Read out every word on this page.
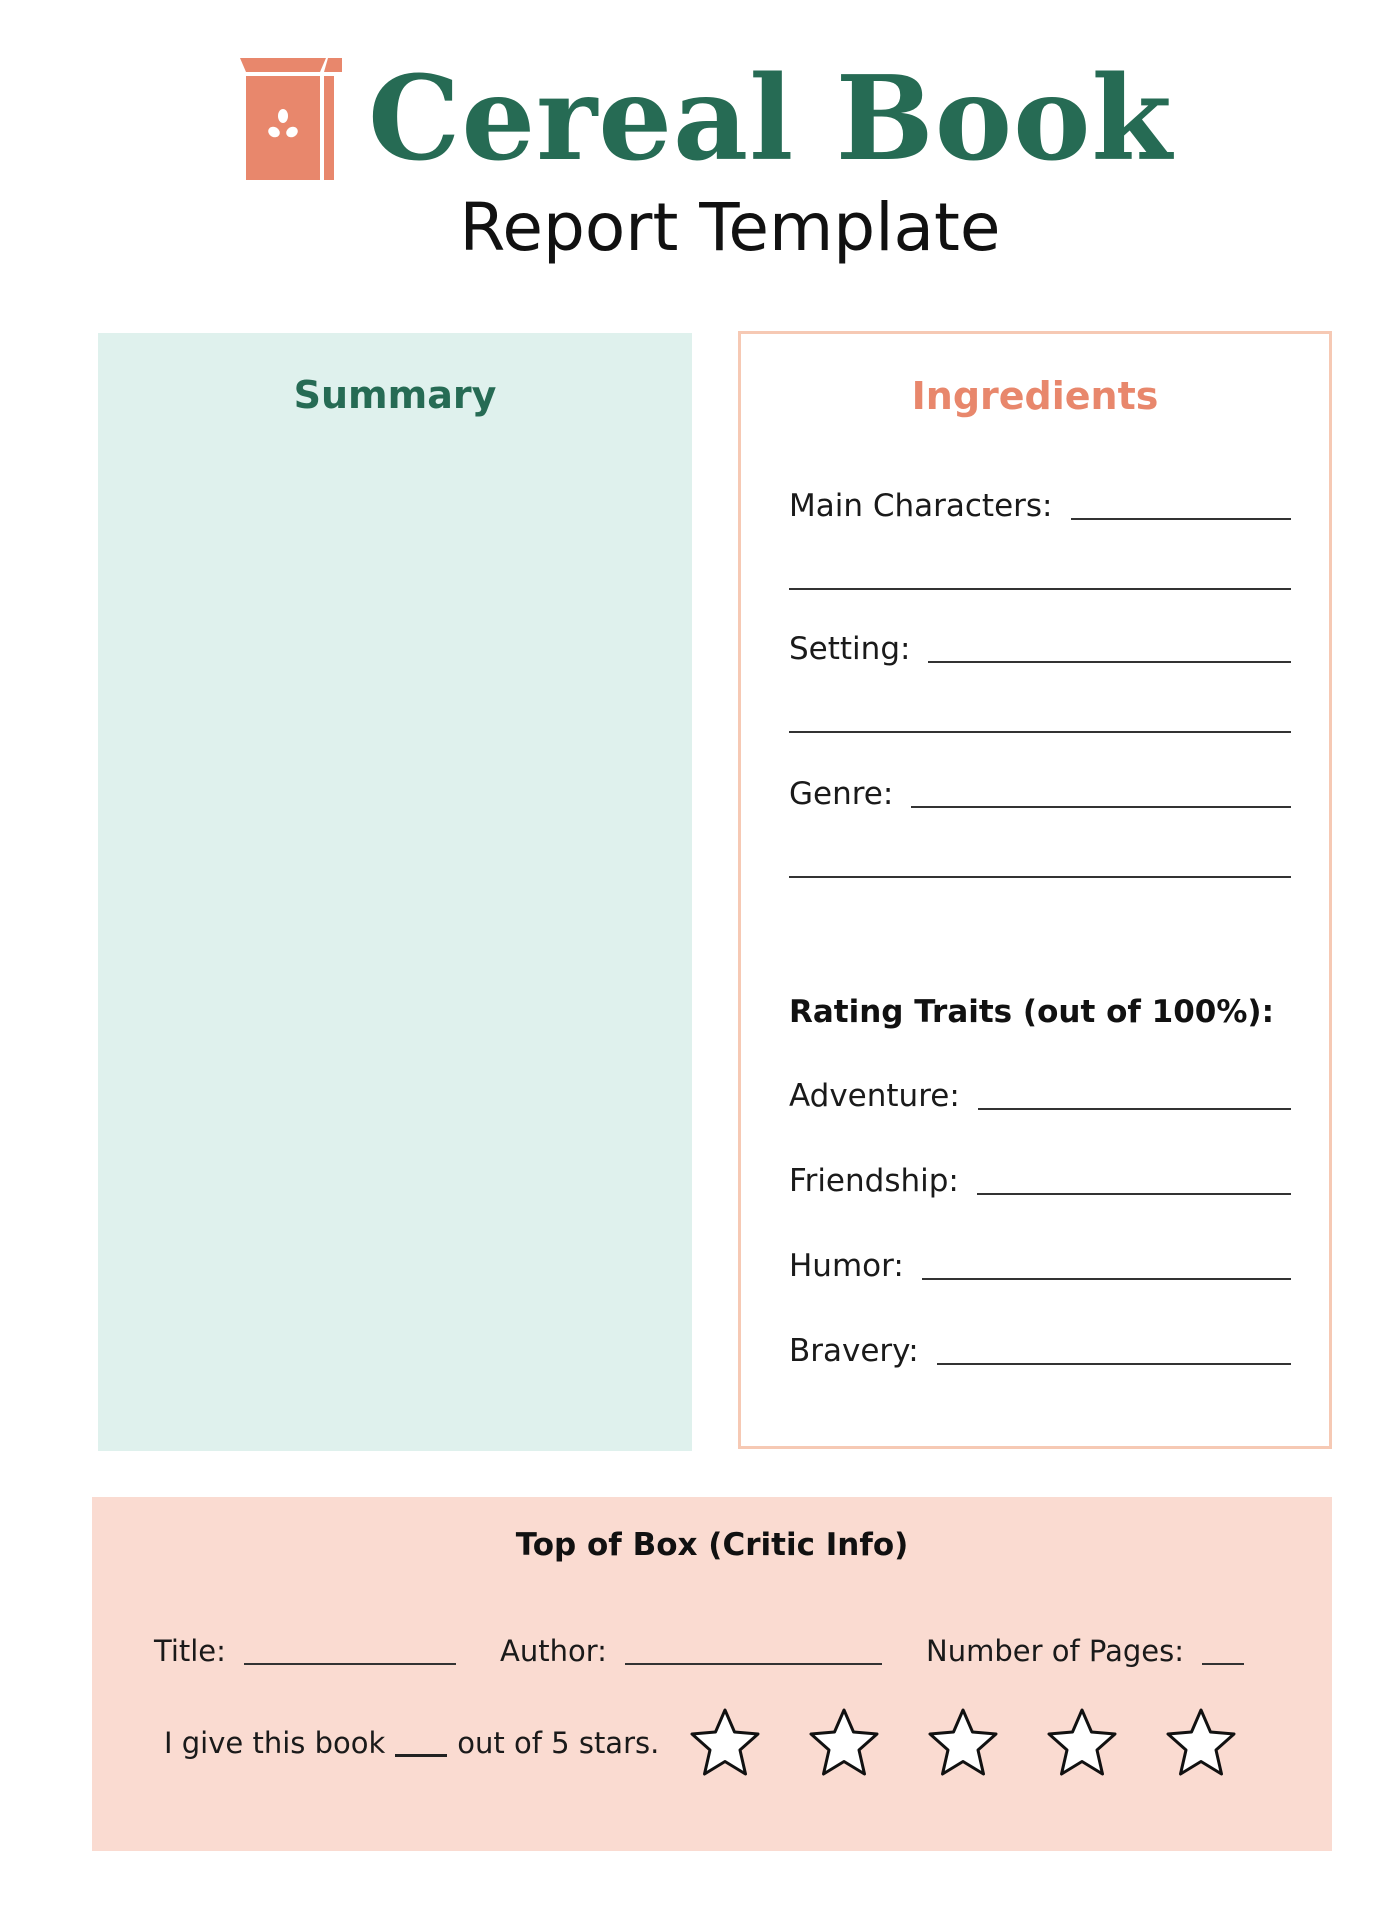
Cereal Book
Report Template
Summary	Ingredients
Main Characters:
Setting:
Genre:
Rating Traits (out of 100%):
Adventure:
Friendship:
Humor:
Bravery:
Top of Box (Critic Info)
Title:	Author:	Number of Pages:
I give this book out of 5 stars.
